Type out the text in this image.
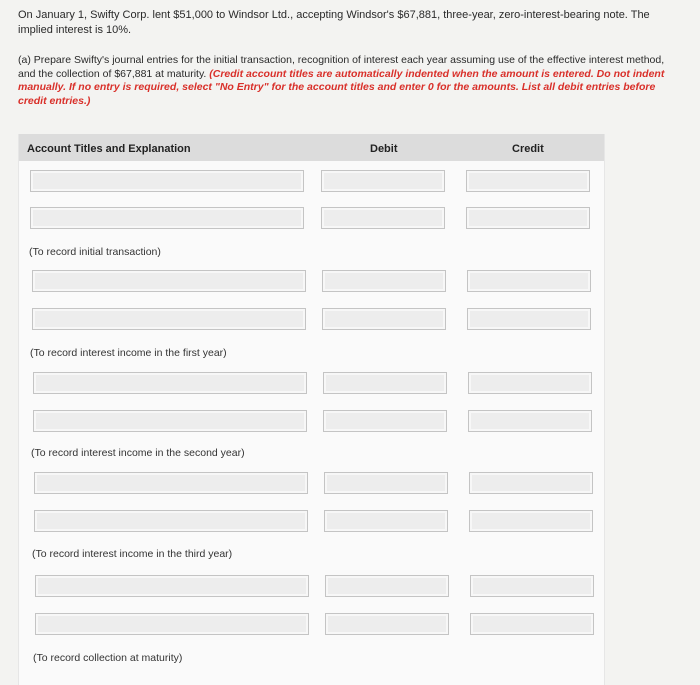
On January 1, Swifty Corp. lent $51,000 to Windsor Ltd., accepting Windsor's $67,881, three-year, zero-interest-bearing note. The implied interest is 10%.
(a) Prepare Swifty's journal entries for the initial transaction, recognition of interest each year assuming use of the effective interest method, and the collection of $67,881 at maturity. (Credit account titles are automatically indented when the amount is entered. Do not indent manually. If no entry is required, select "No Entry" for the account titles and enter 0 for the amounts. List all debit entries before credit entries.)
Account Titles and Explanation	Debit	Credit
(To record initial transaction)
(To record interest income in the first year)
(To record interest income in the second year)
(To record interest income in the third year)
(To record collection at maturity)
